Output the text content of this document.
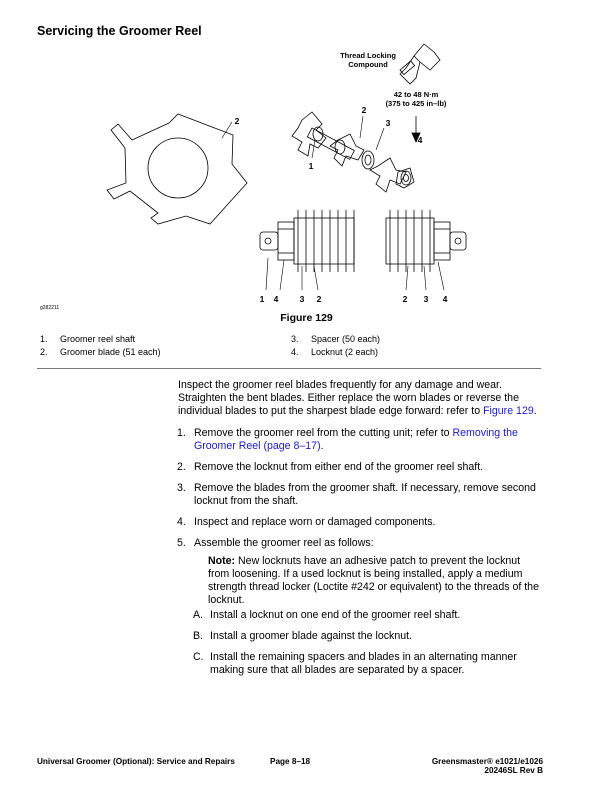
Servicing the Groomer Reel
Thread Locking
Compound
42 to 48 N·m
(375 to 425 in–lb)
2
2
3
4
1
1 4	3 2	2 3 4
g282211
Figure 129
1. Groomer reel shaft
2. Groomer blade (51 each)
3. Spacer (50 each)
4. Locknut (2 each)

Inspect the groomer reel blades frequently for any damage and wear. Straighten the bent blades. Either replace the worn blades or reverse the individual blades to put the sharpest blade edge forward: refer to Figure 129.

1. Remove the groomer reel from the cutting unit; refer to Removing the Groomer Reel (page 8–17).
2. Remove the locknut from either end of the groomer reel shaft.
3. Remove the blades from the groomer shaft. If necessary, remove second locknut from the shaft.
4. Inspect and replace worn or damaged components.
5. Assemble the groomer reel as follows:
Note: New locknuts have an adhesive patch to prevent the locknut from loosening. If a used locknut is being installed, apply a medium strength thread locker (Loctite #242 or equivalent) to the threads of the locknut.
A. Install a locknut on one end of the groomer reel shaft.
B. Install a groomer blade against the locknut.
C. Install the remaining spacers and blades in an alternating manner making sure that all blades are separated by a spacer.
Universal Groomer (Optional): Service and Repairs	Page 8–18	Greensmaster® e1021/e1026
20246SL Rev B
